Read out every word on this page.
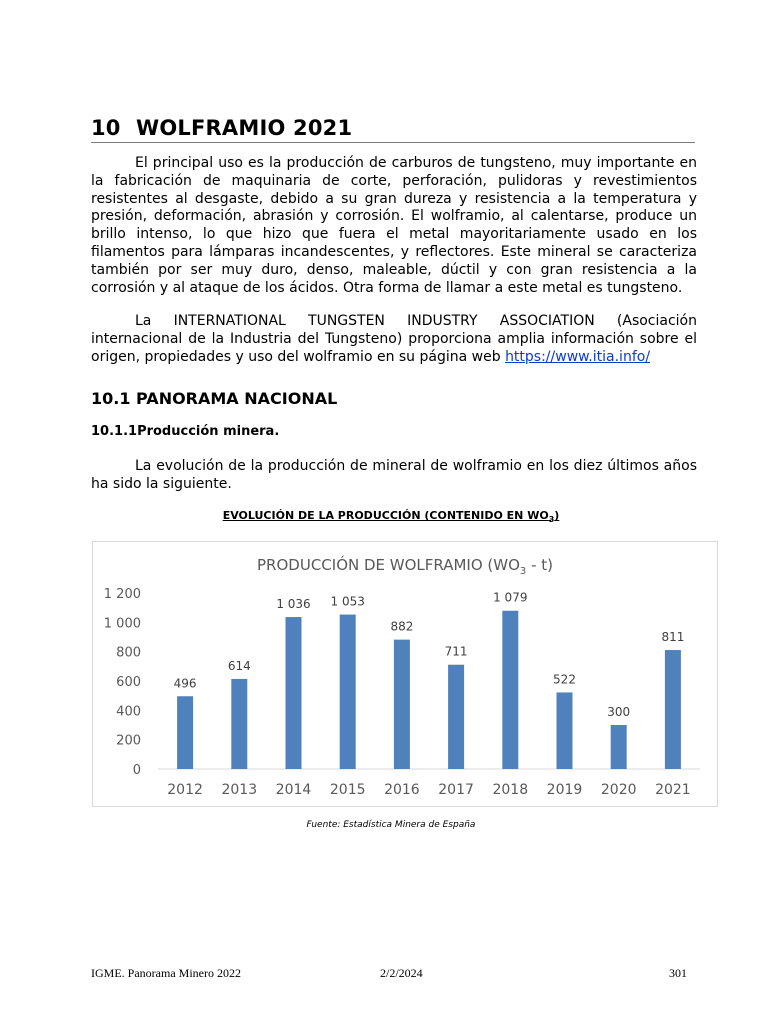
10 WOLFRAMIO 2021

El principal uso es la producción de carburos de tungsteno, muy importante en la fabricación de maquinaria de corte, perforación, pulidoras y revestimientos resistentes al desgaste, debido a su gran dureza y resistencia a la temperatura y presión, deformación, abrasión y corrosión. El wolframio, al calentarse, produce un brillo intenso, lo que hizo que fuera el metal mayoritariamente usado en los filamentos para lámparas incandescentes, y reflectores. Este mineral se caracteriza también por ser muy duro, denso, maleable, dúctil y con gran resistencia a la corrosión y al ataque de los ácidos. Otra forma de llamar a este metal es tungsteno.

La INTERNATIONAL TUNGSTEN INDUSTRY ASSOCIATION (Asociación internacional de la Industria del Tungsteno) proporciona amplia información sobre el origen, propiedades y uso del wolframio en su página web https://www.itia.info/

10.1 PANORAMA NACIONAL
10.1.1Producción minera.

La evolución de la producción de mineral de wolframio en los diez últimos años ha sido la siguiente.

EVOLUCIÓN DE LA PRODUCCIÓN (CONTENIDO EN $WO_3$)
PRODUCCIÓN DE WOLFRAMIO $(WO_3 - t)$
0
200
400
600
800
1 000
1 200
496
2012
614
2013
1 036
2014
1 053
2015
882
2016
711
2017
1 079
2018
522
2019
300
2020
811
2021
Fuente: Estadística Minera de España
IGME. Panorama Minero 2022	2/2/2024	301
